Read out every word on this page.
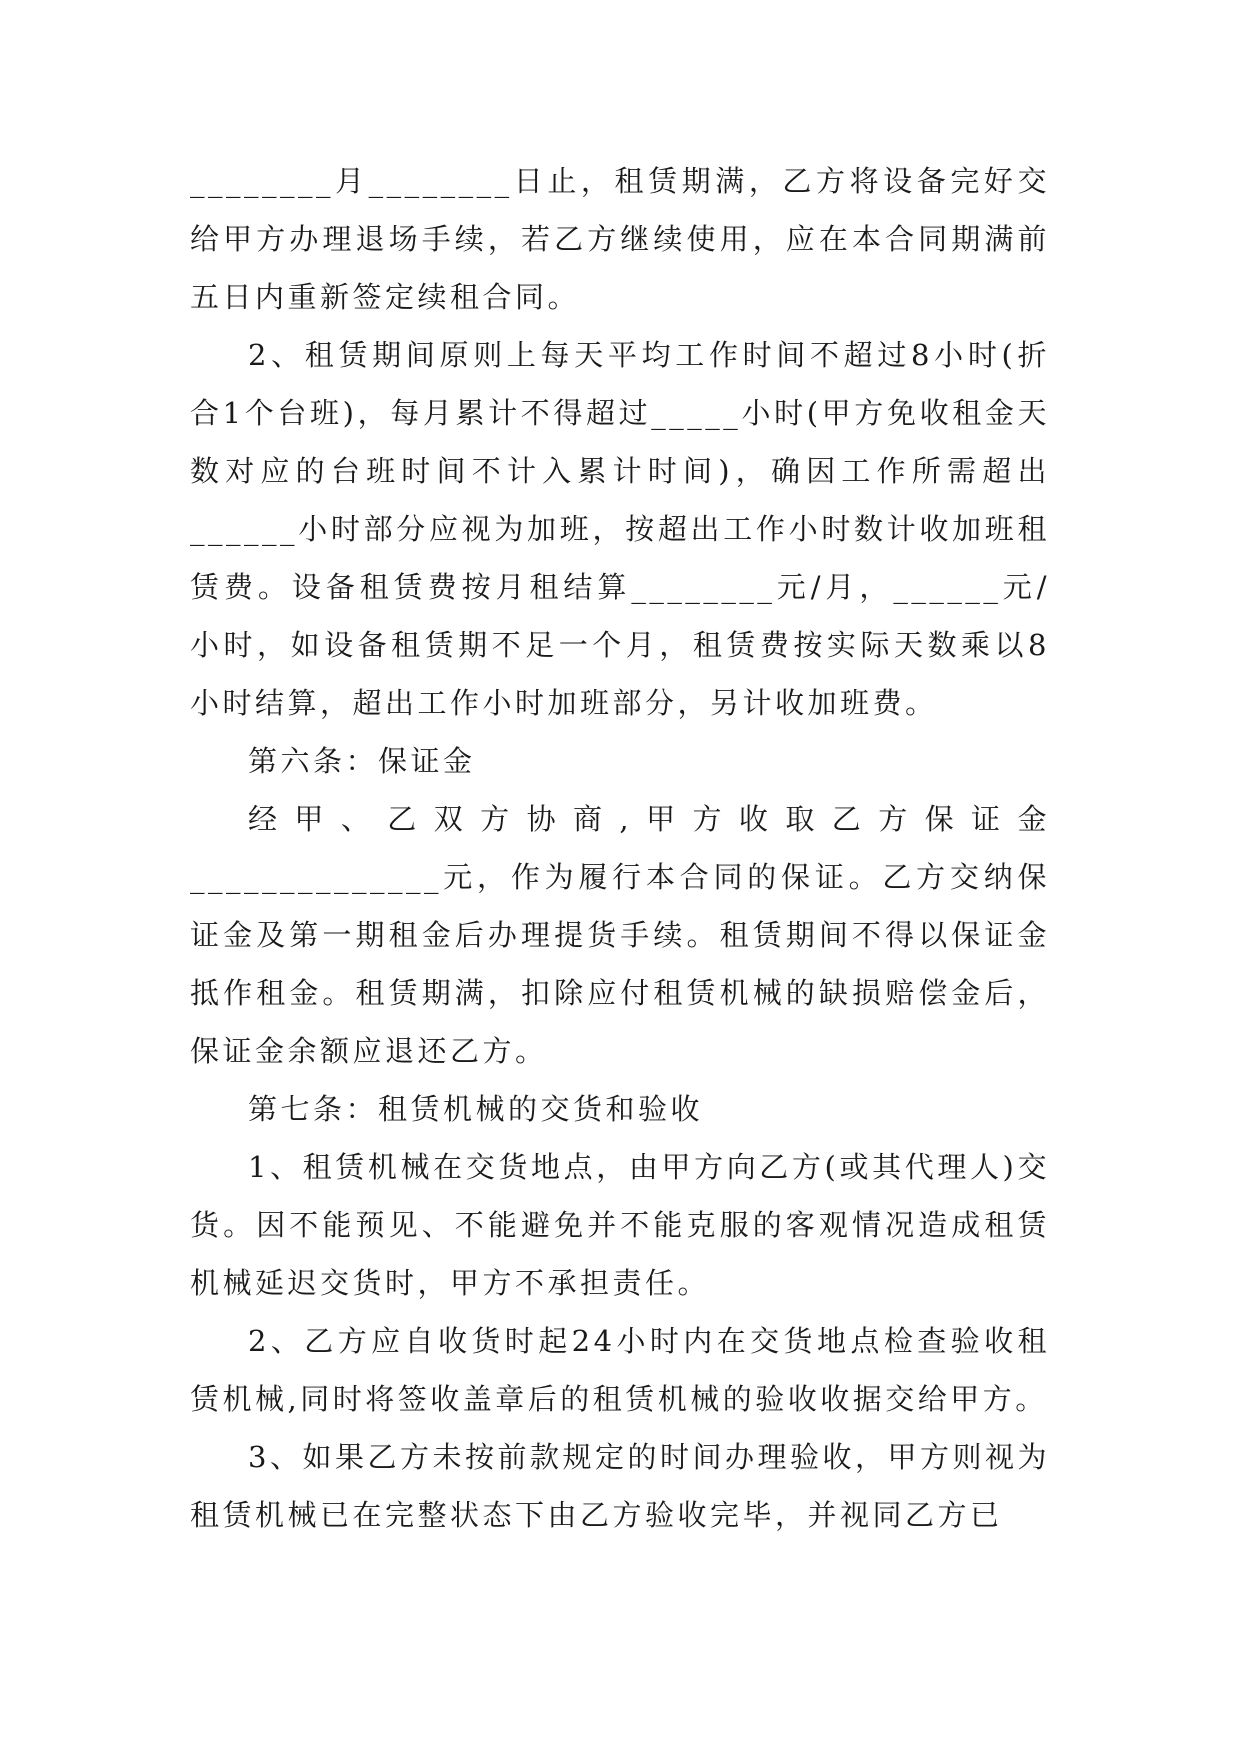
________月________日止，租赁期满，乙方将设备完好交给甲方办理退场手续，若乙方继续使用，应在本合同期满前五日内重新签定续租合同。

2、租赁期间原则上每天平均工作时间不超过8小时(折合1个台班)，每月累计不得超过_____小时(甲方免收租金天数对应的台班时间不计入累计时间)，确因工作所需超出______小时部分应视为加班，按超出工作小时数计收加班租赁费。设备租赁费按月租结算________元/月，______元/小时，如设备租赁期不足一个月，租赁费按实际天数乘以8小时结算，超出工作小时加班部分，另计收加班费。

第六条：保证金

经甲、乙双方协商,甲方收取乙方保证金______________元，作为履行本合同的保证。乙方交纳保证金及第一期租金后办理提货手续。租赁期间不得以保证金抵作租金。租赁期满，扣除应付租赁机械的缺损赔偿金后，保证金余额应退还乙方。

第七条：租赁机械的交货和验收

1、租赁机械在交货地点，由甲方向乙方(或其代理人)交货。因不能预见、不能避免并不能克服的客观情况造成租赁机械延迟交货时，甲方不承担责任。

2、乙方应自收货时起24小时内在交货地点检查验收租赁机械,同时将签收盖章后的租赁机械的验收收据交给甲方。

3、如果乙方未按前款规定的时间办理验收，甲方则视为租赁机械已在完整状态下由乙方验收完毕，并视同乙方已
